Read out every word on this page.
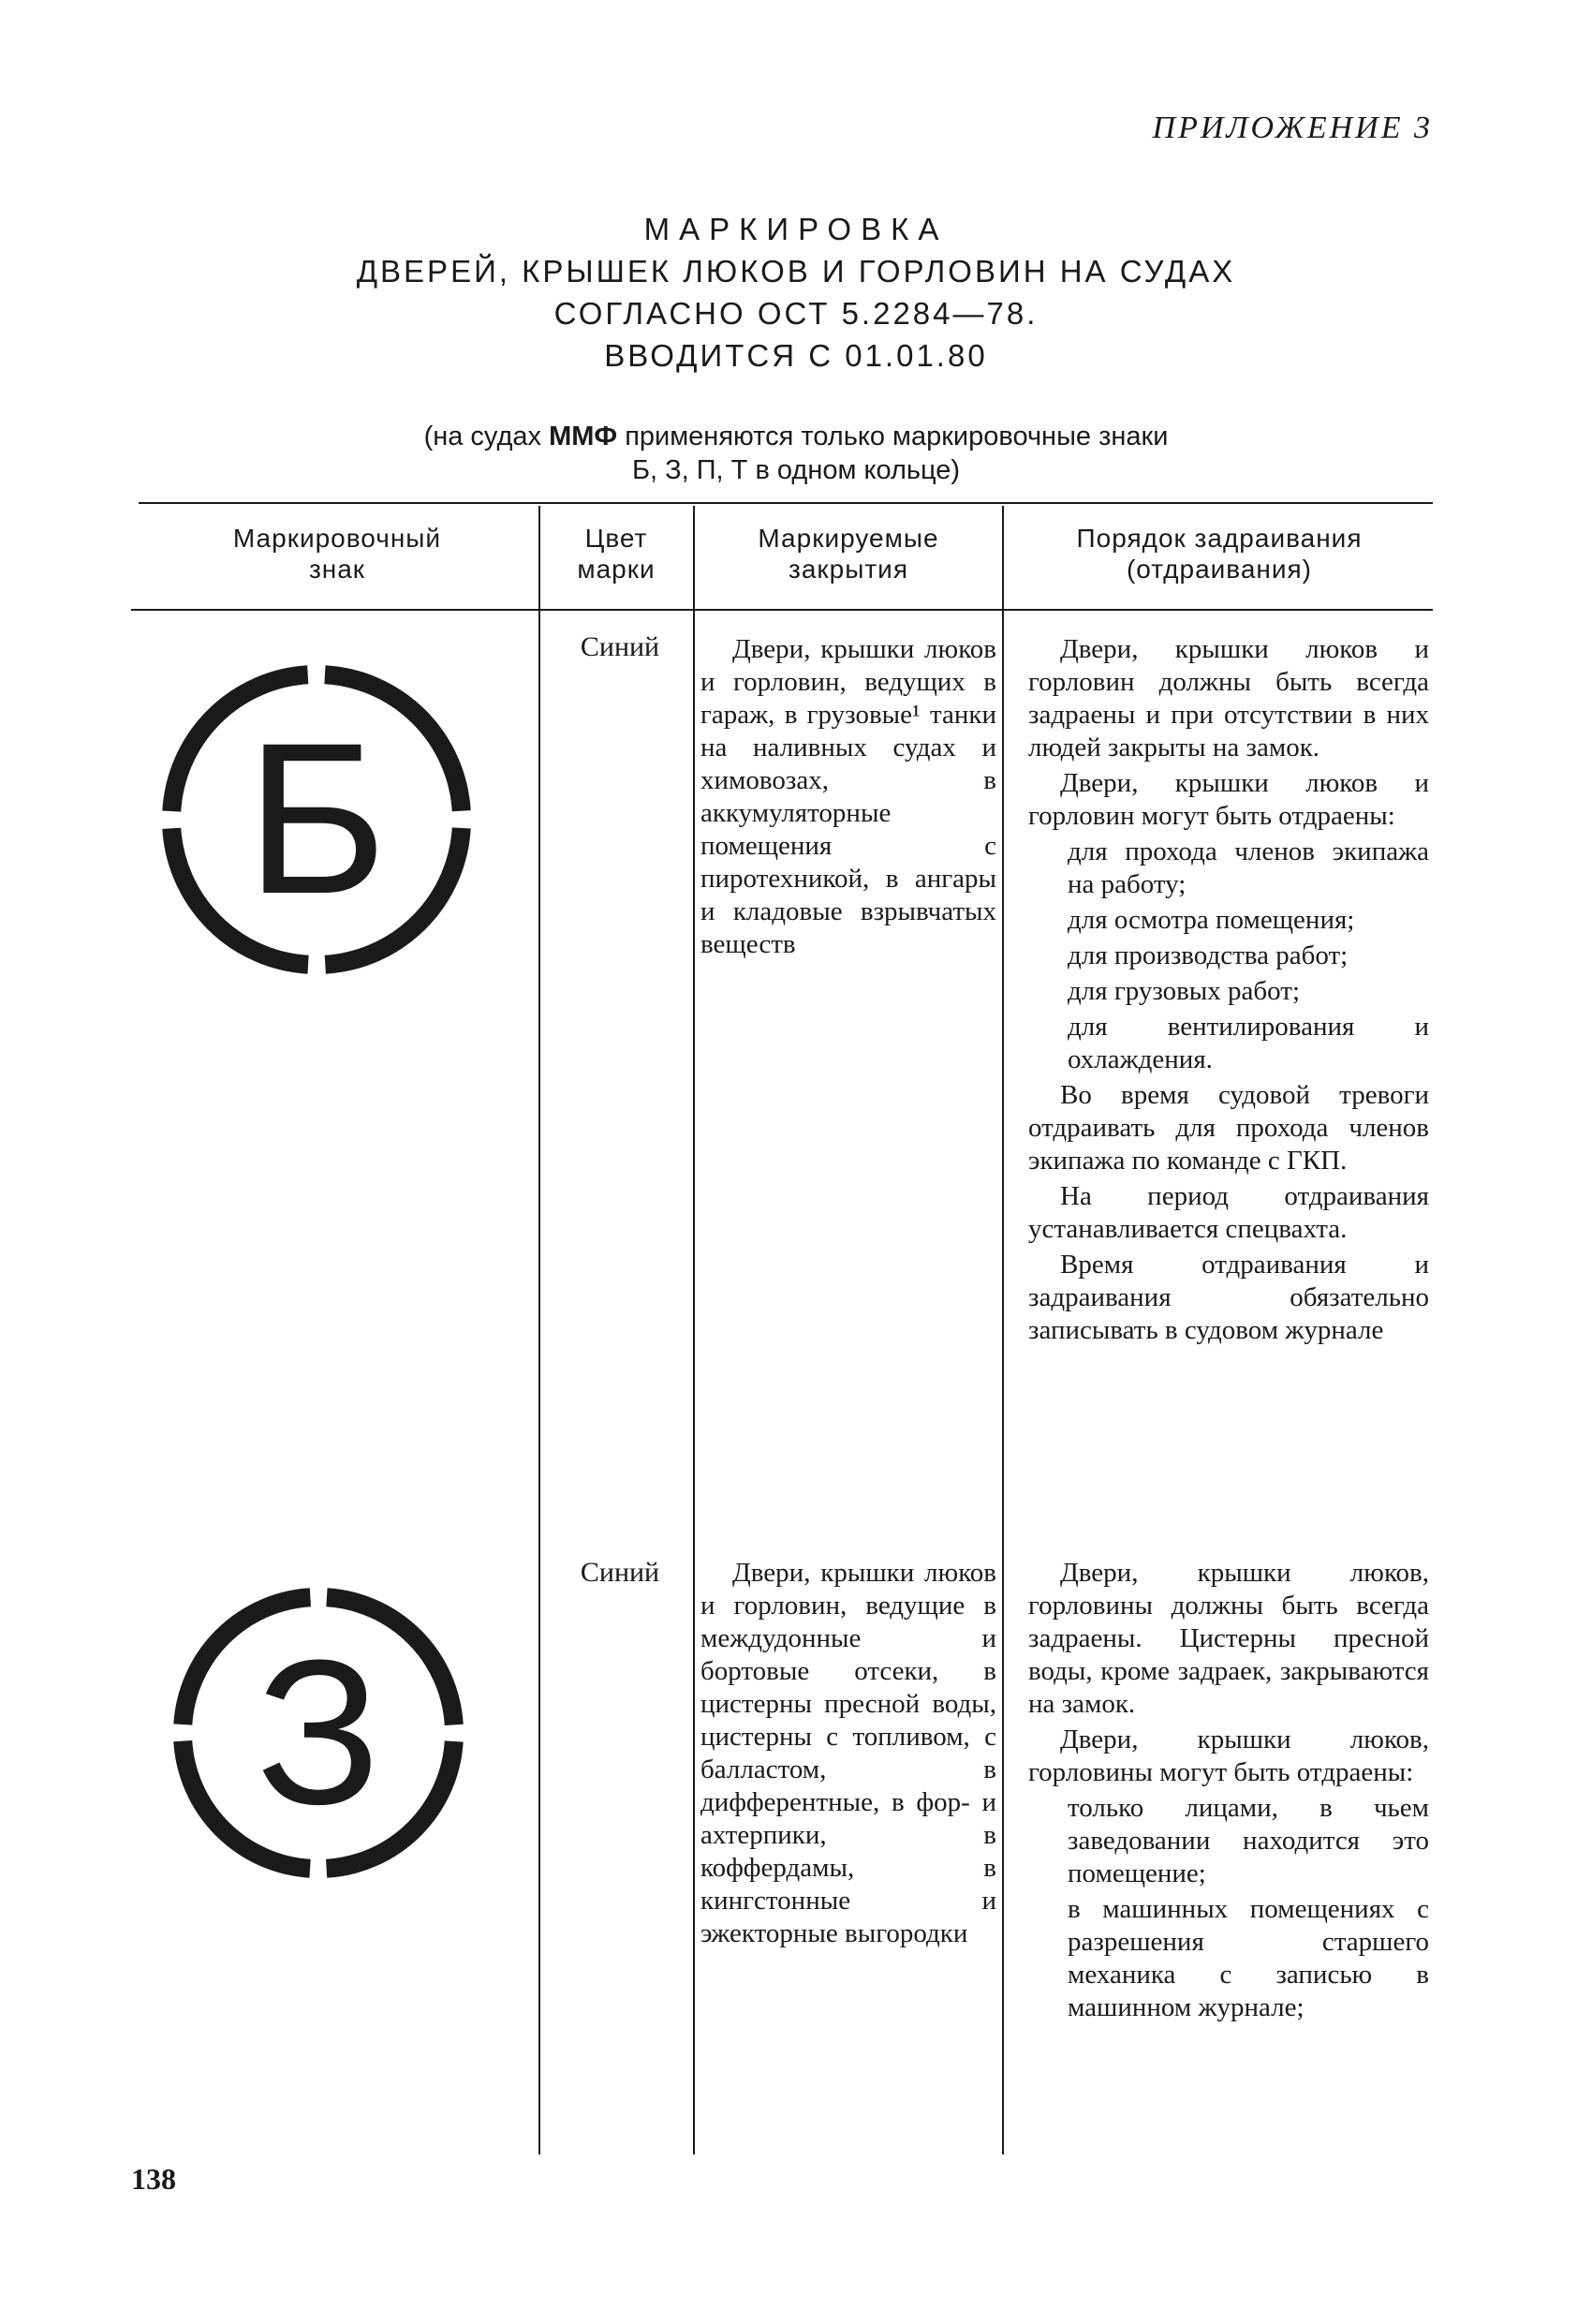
ПРИЛОЖЕНИЕ 3
МАРКИРОВКА
ДВЕРЕЙ, КРЫШЕК ЛЮКОВ И ГОРЛОВИН НА СУДАХ
СОГЛАСНО ОСТ 5.2284—78.
ВВОДИТСЯ С 01.01.80
(на судах ММФ применяются только маркировочные знаки
Б, З, П, Т в одном кольце)
Маркировочный
знак
Цвет
марки
Маркируемые
закрытия
Порядок задраивания
(отдраивания)
Б
Синий	Двери, крышки люков и горловин, ведущих в гараж, в грузовые¹ танки на наливных судах и химовозах, в аккумуляторные помещения с пиротехникой, в ангары и кладовые взрывчатых веществ

Двери, крышки люков и горловин должны быть всегда задраены и при отсутствии в них людей закрыты на замок.

Двери, крышки люков и горловин могут быть отдраены:

для прохода членов экипажа на работу;

для осмотра помещения;

для производства работ;

для грузовых работ;

для вентилирования и охлаждения.

Во время судовой тревоги отдраивать для прохода членов экипажа по команде с ГКП.

На период отдраивания устанавливается спецвахта.

Время отдраивания и задраивания обязательно записывать в судовом журнале

З
Синий	Двери, крышки люков и горловин, ведущие в междудонные и бортовые отсеки, в цистерны пресной воды, цистерны с топливом, с балластом, в дифферентные, в фор- и ахтерпики, в коффердамы, в кингстонные и эжекторные выгородки

Двери, крышки люков, горловины должны быть всегда задраены. Цистерны пресной воды, кроме задраек, закрываются на замок.

Двери, крышки люков, горловины могут быть отдраены:

только лицами, в чьем заведовании находится это помещение;

в машинных помещениях с разрешения старшего механика с записью в машинном журнале;

138
